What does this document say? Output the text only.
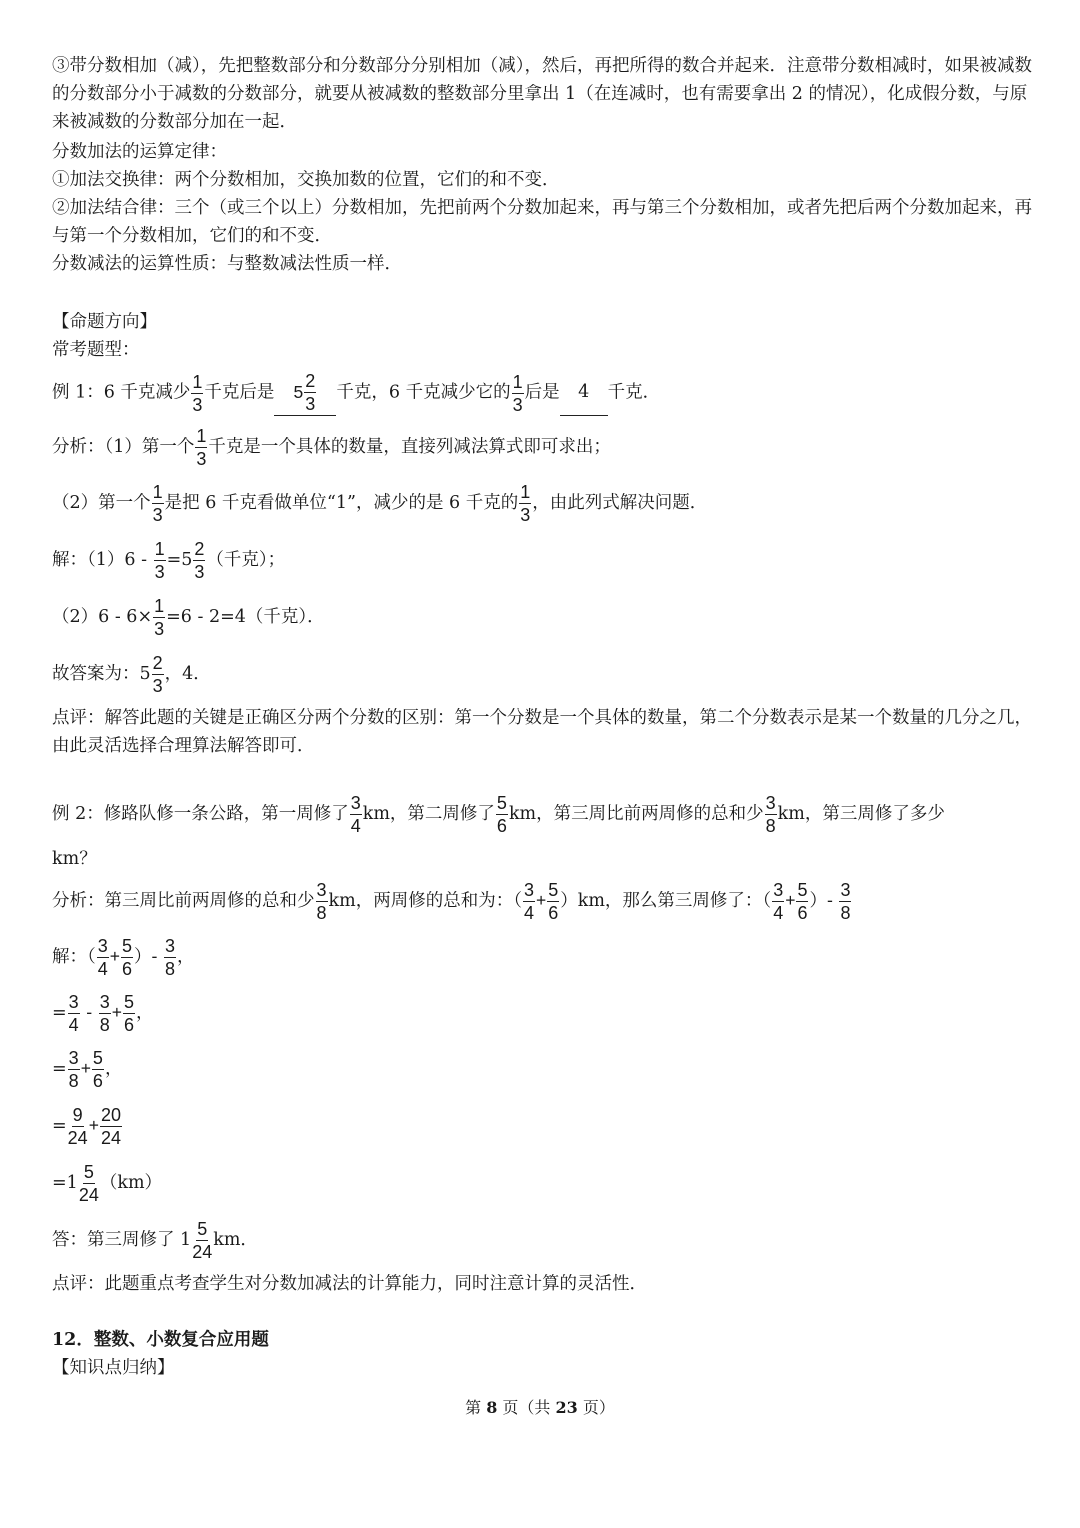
③带分数相加（减），先把整数部分和分数部分分别相加（减），然后，再把所得的数合并起来．注意带分数相减时，如果被减数的分数部分小于减数的分数部分，就要从被减数的整数部分里拿出 1（在连减时，也有需要拿出 2 的情况），化成假分数，与原来被减数的分数部分加在一起．
分数加法的运算定律：
①加法交换律：两个分数相加，交换加数的位置，它们的和不变．
②加法结合律：三个（或三个以上）分数相加，先把前两个分数加起来，再与第三个分数相加，或者先把后两个分数加起来，再与第一个分数相加，它们的和不变．
分数减法的运算性质：与整数减法性质一样．
【命题方向】
常考题型：
例 1：6 千克减少 $\frac{1}{3}$ 千克后是 $5 \frac{2}{3}$ 千克，6 千克减少它的 $\frac{1}{3}$ 后是 4 千克．
分析：（1）第一个 $\frac{1}{3}$ 千克是一个具体的数量，直接列减法算式即可求出；
（2）第一个 $\frac{1}{3}$ 是把 6 千克看做单位“1”，减少的是 6 千克的 $\frac{1}{3}$ ，由此列式解决问题．
解：$(1)6 - \frac{1}{3} =5 \frac{2}{3}$ （千克）；
$(2)6 - 6\times \frac{1}{3} =6 - 2=4$（千克）．
故答案为：$5 \frac{2}{3}$ ，4．
点评：解答此题的关键是正确区分两个分数的区别：第一个分数是一个具体的数量，第二个分数表示是某一个数量的几分之几，由此灵活选择合理算法解答即可．
例 2：修路队修一条公路，第一周修了 $\frac{3}{4}$ km，第二周修了 $\frac{5}{6}$ km，第三周比前两周修的总和少 $\frac{3}{8}$ km，第三周修了多少
km？
分析：第三周比前两周修的总和少 $\frac{3}{8}$ km，两周修的总和为：（ $\frac{3}{4} + \frac{5}{6} )km$，那么第三周修了：（ $\frac{3}{4} + \frac{5}{6}$ ）- $\frac{3}{8}$
解：（ $\frac{3}{4} + \frac{5}{6}$ ）- $\frac{3}{8}$ ，
= $\frac{3}{4} - \frac{3}{8} + \frac{5}{6}$ ，
= $\frac{3}{8} + \frac{5}{6}$ ，
= $\frac{9}{24} + \frac{20}{24}$
$=1 \frac{5}{24} (km)$
答：第三周修了 $1 \frac{5}{24}$ km．
点评：此题重点考查学生对分数加减法的计算能力，同时注意计算的灵活性．
12．整数、小数复合应用题
【知识点归纳】
第 8 页（共 23 页）
